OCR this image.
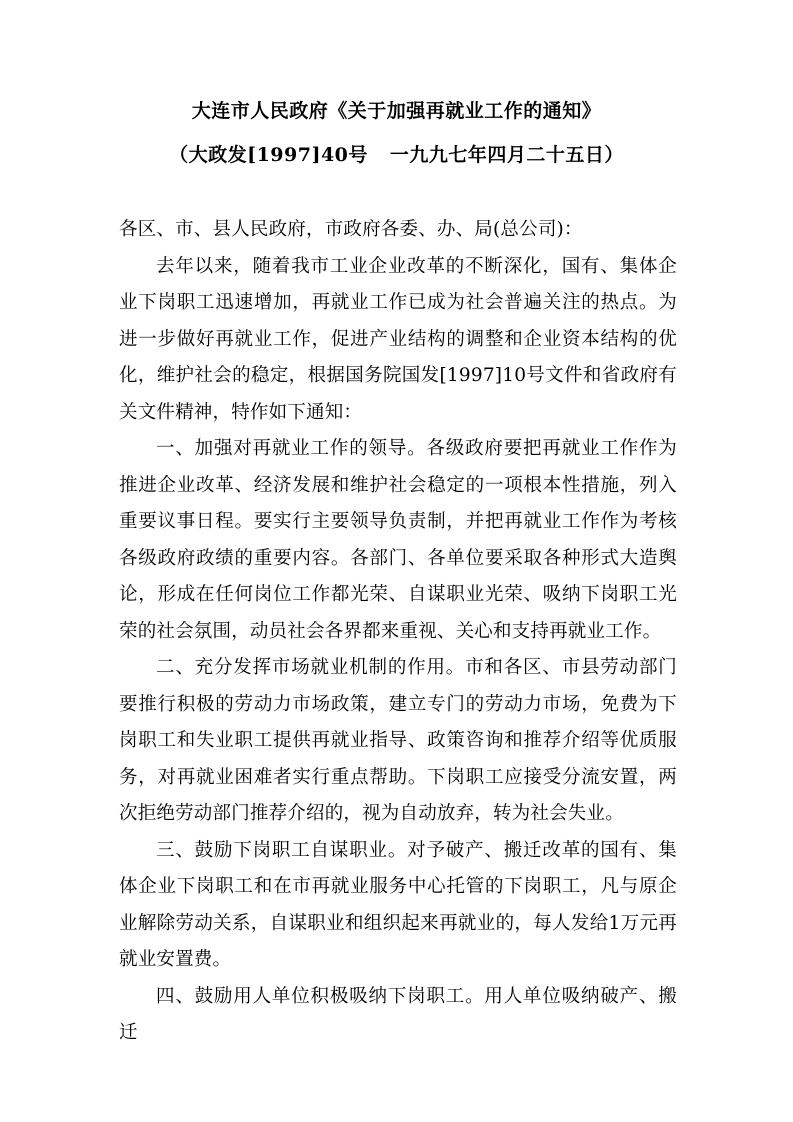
大连市人民政府《关于加强再就业工作的通知》
（大政发[1997]40号 一九九七年四月二十五日）

各区、市、县人民政府，市政府各委、办、局(总公司)：

去年以来，随着我市工业企业改革的不断深化，国有、集体企业下岗职工迅速增加，再就业工作已成为社会普遍关注的热点。为进一步做好再就业工作，促进产业结构的调整和企业资本结构的优化，维护社会的稳定，根据国务院国发[1997]10号文件和省政府有关文件精神，特作如下通知：

一、加强对再就业工作的领导。各级政府要把再就业工作作为推进企业改革、经济发展和维护社会稳定的一项根本性措施，列入重要议事日程。要实行主要领导负责制，并把再就业工作作为考核各级政府政绩的重要内容。各部门、各单位要采取各种形式大造舆论，形成在任何岗位工作都光荣、自谋职业光荣、吸纳下岗职工光荣的社会氛围，动员社会各界都来重视、关心和支持再就业工作。

二、充分发挥市场就业机制的作用。市和各区、市县劳动部门要推行积极的劳动力市场政策，建立专门的劳动力市场，免费为下岗职工和失业职工提供再就业指导、政策咨询和推荐介绍等优质服务，对再就业困难者实行重点帮助。下岗职工应接受分流安置，两次拒绝劳动部门推荐介绍的，视为自动放弃，转为社会失业。

三、鼓励下岗职工自谋职业。对予破产、搬迁改革的国有、集体企业下岗职工和在市再就业服务中心托管的下岗职工，凡与原企业解除劳动关系，自谋职业和组织起来再就业的，每人发给1万元再就业安置费。

四、鼓励用人单位积极吸纳下岗职工。用人单位吸纳破产、搬迁
